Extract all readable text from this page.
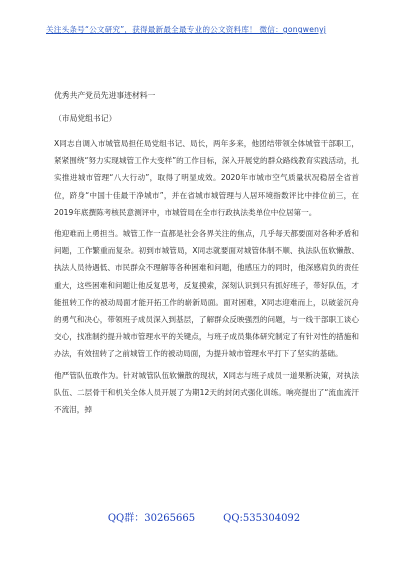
关注头条号“公文研究”，获得最新最全最专业的公文资料库！ 微信：gongwenyj
优秀共产党员先进事迹材料一
（市局党组书记）

X同志自调入市城管局担任局党组书记、局长，两年多来，他团结带领全体城管干部职工，紧紧围绕“努力实现城管工作大变样”的工作目标，深入开展党的群众路线教育实践活动，扎实推进城市管理“八大行动”，取得了明显成效。2020年市城市空气质量状况稳居全省首位，跻身“中国十佳最干净城市”，并在省城市城管理与人居环境指数评比中排位前三，在2019年底撰陈考核民意测评中，市城管局在全市行政执法类单位中位居第一。

他迎难而上勇担当。城管工作一直都是社会各界关注的焦点，几乎每天都要面对各种矛盾和问题，工作繁重而复杂。初到市城管局，X同志就要面对城管体制不顺、执法队伍软懒散、执法人员待遇低、市民群众不理解等各种困难和问题，他感压力的同时，他深感肩负的责任重大，这些困难和问题让他反复思考，反复摸索，深刻认识到只有抓好班子，带好队伍，才能扭转工作的被动局面才能开拓工作的崭新局面。面对困难，X同志迎难而上，以破釜沉舟的勇气和决心，带领班子成员深入到基层，了解群众反映强烈的问题，与一线干部职工谈心交心，找准制约提升城市管理水平的关键点，与班子成员集体研究制定了有针对性的措施和办法，有效扭转了之前城管工作的被动局面，为提升城市管理水平打下了坚实的基础。

他严管队伍敢作为。针对城管队伍软懒散的现状，X同志与班子成员一道果断决策，对执法队伍、二层骨干和机关全体人员开展了为期12天的封闭式强化训练。响亮提出了“流血流汗不流泪，掉

QQ群：30265665	QQ:535304092
